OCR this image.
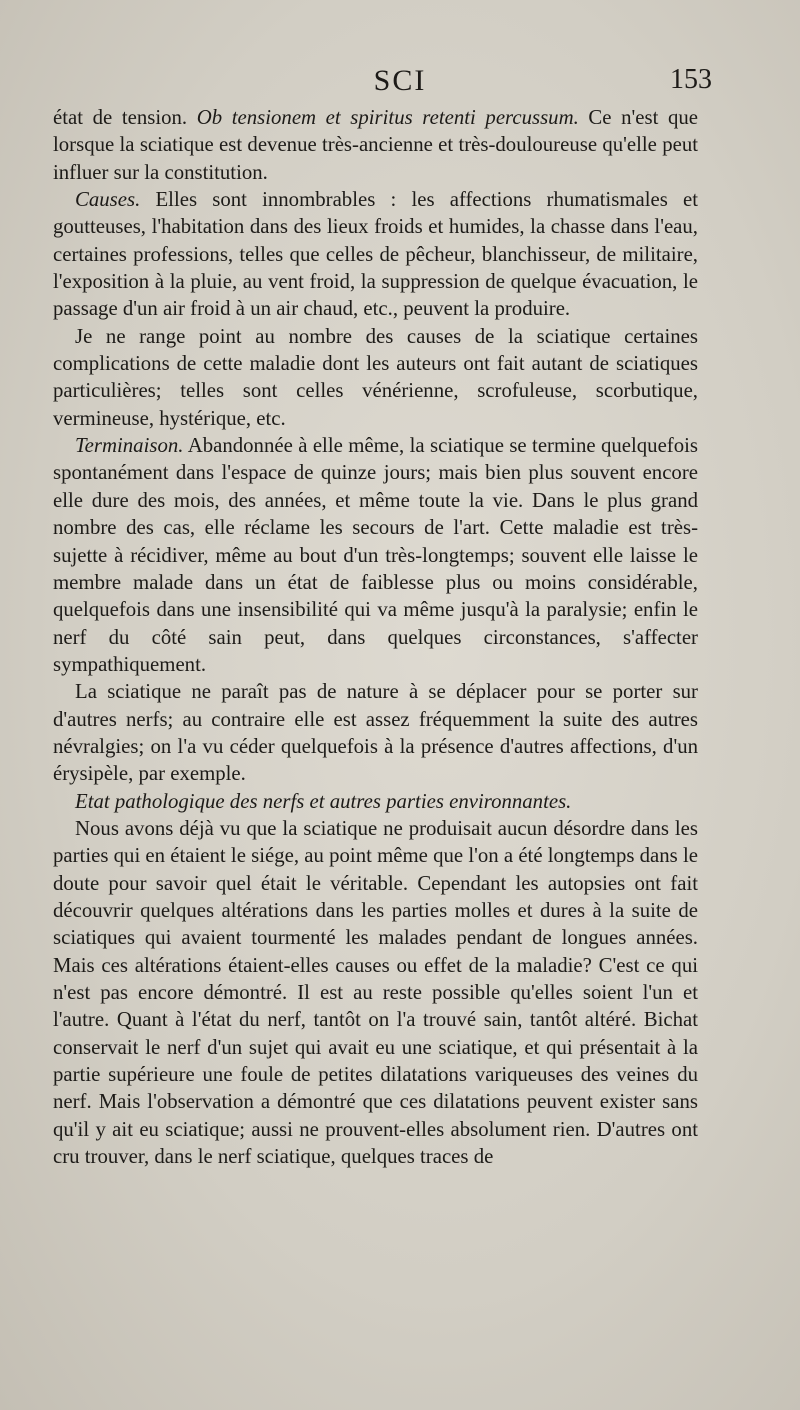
SCI	153

état de tension. Ob tensionem et spiritus retenti percussum. Ce n'est que lorsque la sciatique est devenue très-ancienne et très-douloureuse qu'elle peut influer sur la constitution.

Causes. Elles sont innombrables : les affections rhumatismales et goutteuses, l'habitation dans des lieux froids et humides, la chasse dans l'eau, certaines professions, telles que celles de pêcheur, blanchisseur, de militaire, l'exposition à la pluie, au vent froid, la suppression de quelque évacuation, le passage d'un air froid à un air chaud, etc., peuvent la produire.

Je ne range point au nombre des causes de la sciatique certaines complications de cette maladie dont les auteurs ont fait autant de sciatiques particulières; telles sont celles vénérienne, scrofuleuse, scorbutique, vermineuse, hystérique, etc.

Terminaison. Abandonnée à elle même, la sciatique se termine quelquefois spontanément dans l'espace de quinze jours; mais bien plus souvent encore elle dure des mois, des années, et même toute la vie. Dans le plus grand nombre des cas, elle réclame les secours de l'art. Cette maladie est très-sujette à récidiver, même au bout d'un très-longtemps; souvent elle laisse le membre malade dans un état de faiblesse plus ou moins considérable, quelquefois dans une insensibilité qui va même jusqu'à la paralysie; enfin le nerf du côté sain peut, dans quelques circonstances, s'affecter sympathiquement.

La sciatique ne paraît pas de nature à se déplacer pour se porter sur d'autres nerfs; au contraire elle est assez fréquemment la suite des autres névralgies; on l'a vu céder quelquefois à la présence d'autres affections, d'un érysipèle, par exemple.

Etat pathologique des nerfs et autres parties environnantes.

Nous avons déjà vu que la sciatique ne produisait aucun désordre dans les parties qui en étaient le siége, au point même que l'on a été longtemps dans le doute pour savoir quel était le véritable. Cependant les autopsies ont fait découvrir quelques altérations dans les parties molles et dures à la suite de sciatiques qui avaient tourmenté les malades pendant de longues années. Mais ces altérations étaient-elles causes ou effet de la maladie? C'est ce qui n'est pas encore démontré. Il est au reste possible qu'elles soient l'un et l'autre. Quant à l'état du nerf, tantôt on l'a trouvé sain, tantôt altéré. Bichat conservait le nerf d'un sujet qui avait eu une sciatique, et qui présentait à la partie supérieure une foule de petites dilatations variqueuses des veines du nerf. Mais l'observation a démontré que ces dilatations peuvent exister sans qu'il y ait eu sciatique; aussi ne prouvent-elles absolument rien. D'autres ont cru trouver, dans le nerf sciatique, quelques traces de
